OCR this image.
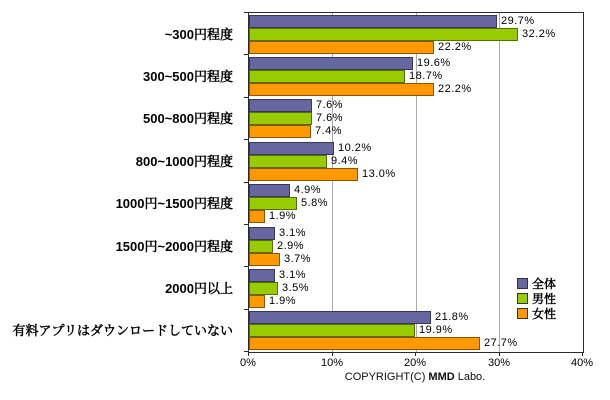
29.7%
32.2%
22.2%
19.6%
18.7%
22.2%
7.6%
7.6%
7.4%
10.2%
9.4%
13.0%
4.9%
5.8%
1.9%
3.1%
2.9%
3.7%
3.1%
3.5%
1.9%
21.8%
19.9%
27.7%
~300円程度
300~500円程度
500~800円程度
800~1000円程度
1000円~1500円程度
1500円~2000円程度
2000円以上
有料アプリはダウンロードしていない
全体
男性
女性
COPYRIGHT(C) MMD Labo.
0%	10%	20%	30%	40%
